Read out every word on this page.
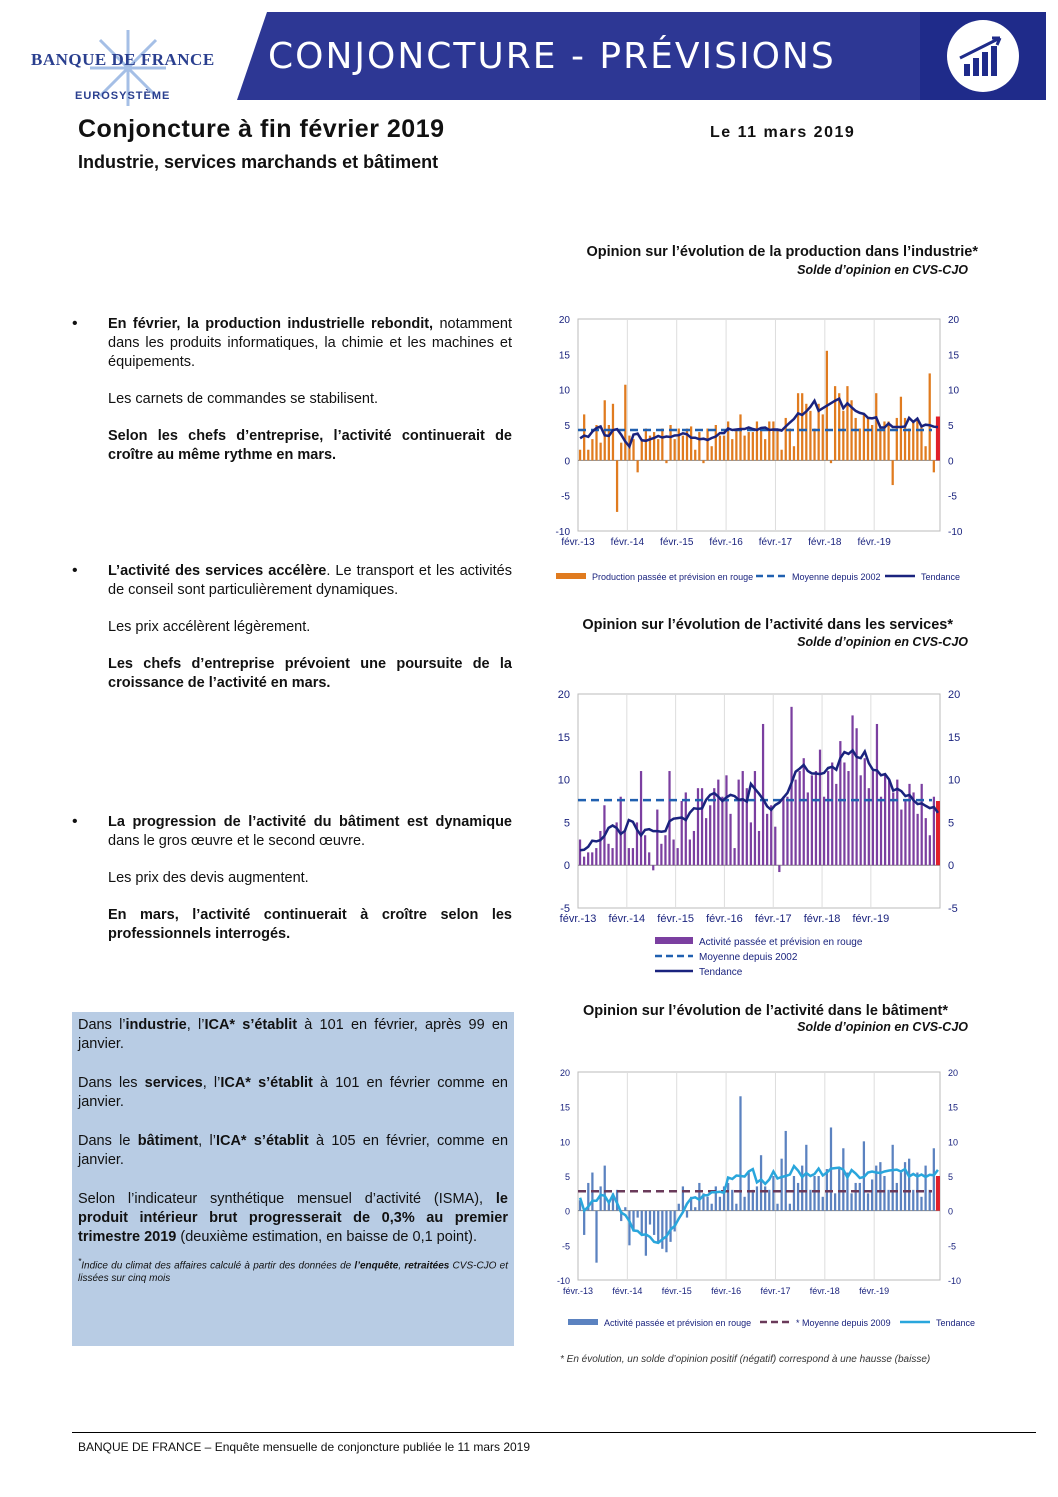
BANQUE DE FRANCE
EUROSYSTÈME
CONJONCTURE - PRÉVISIONS
Conjoncture à fin février 2019	Le 11 mars 2019
Industrie, services marchands et bâtiment
• En février, la production industrielle rebondit, notamment dans les produits informatiques, la chimie et les machines et équipements.

Les carnets de commandes se stabilisent.

Selon les chefs d’entreprise, l’activité continuerait de croître au même rythme en mars.

• L’activité des services accélère. Le transport et les activités de conseil sont particulièrement dynamiques.

Les prix accélèrent légèrement.

Les chefs d’entreprise prévoient une poursuite de la croissance de l’activité en mars.

• La progression de l’activité du bâtiment est dynamique dans le gros œuvre et le second œuvre.

Les prix des devis augmentent.

En mars, l’activité continuerait à croître selon les professionnels interrogés.

Dans l’industrie, l’ICA* s’établit à 101 en février, après 99 en janvier.

Dans les services, l’ICA* s’établit à 101 en février comme en janvier.

Dans le bâtiment, l’ICA* s’établit à 105 en février, comme en janvier.

Selon l’indicateur synthétique mensuel d’activité (ISMA), le produit intérieur brut progresserait de 0,3% au premier trimestre 2019 (deuxième estimation, en baisse de 0,1 point).

*Indice du climat des affaires calculé à partir des données de l’enquête, retraitées CVS-CJO et lissées sur cinq mois

Opinion sur l’évolution de la production dans l’industrie*
Solde d’opinion en CVS-CJO
févr.-13 févr.-14 févr.-15 févr.-16 févr.-17 févr.-18 févr.-19
-10	-10
-5	-5
0	0
5	5
10	10
15	15
20	20
Production passée et prévision en rouge	Moyenne depuis 2002	Tendance
Opinion sur l’évolution de l’activité dans les services*
Solde d’opinion en CVS-CJO
févr.-13 févr.-14 févr.-15 févr.-16 févr.-17 févr.-18 févr.-19
-5	-5
0	0
5	5
10	10
15	15
20	20
Activité passée et prévision en rouge
Moyenne depuis 2002
Tendance
Opinion sur l’évolution de l’activité dans le bâtiment*
Solde d’opinion en CVS-CJO
févr.-13 févr.-14 févr.-15 févr.-16 févr.-17 févr.-18 févr.-19
-10	-10
-5	-5
0	0
5	5
10	10
15	15
20	20
Activité passée et prévision en rouge	* Moyenne depuis 2009	Tendance
* En évolution, un solde d’opinion positif (négatif) correspond à une hausse (baisse)
BANQUE DE FRANCE – Enquête mensuelle de conjoncture publiée le 11 mars 2019
